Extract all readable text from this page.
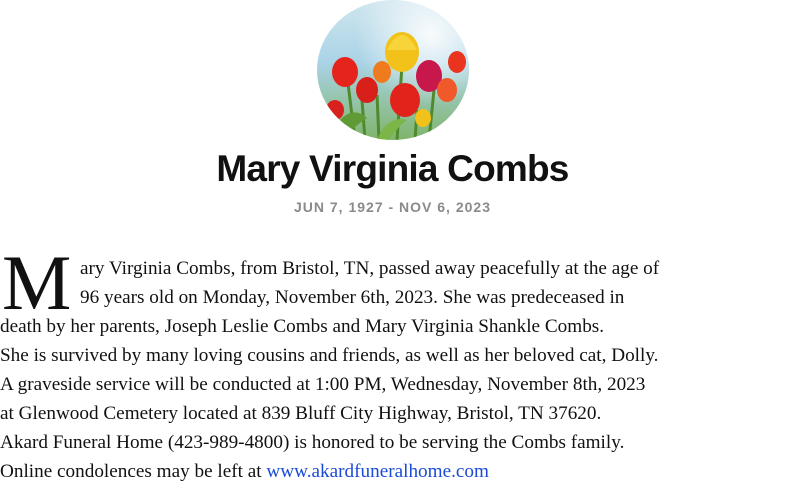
Mary Virginia Combs
JUN 7, 1927 - NOV 6, 2023
M ary Virginia Combs, from Bristol, TN, passed away peacefully at the age of
96 years old on Monday, November 6th, 2023. She was predeceased in
death by her parents, Joseph Leslie Combs and Mary Virginia Shankle Combs.
She is survived by many loving cousins and friends, as well as her beloved cat, Dolly.
A graveside service will be conducted at 1:00 PM, Wednesday, November 8th, 2023
at Glenwood Cemetery located at 839 Bluff City Highway, Bristol, TN 37620.
Akard Funeral Home (423-989-4800) is honored to be serving the Combs family.
Online condolences may be left at www.akardfuneralhome.com
